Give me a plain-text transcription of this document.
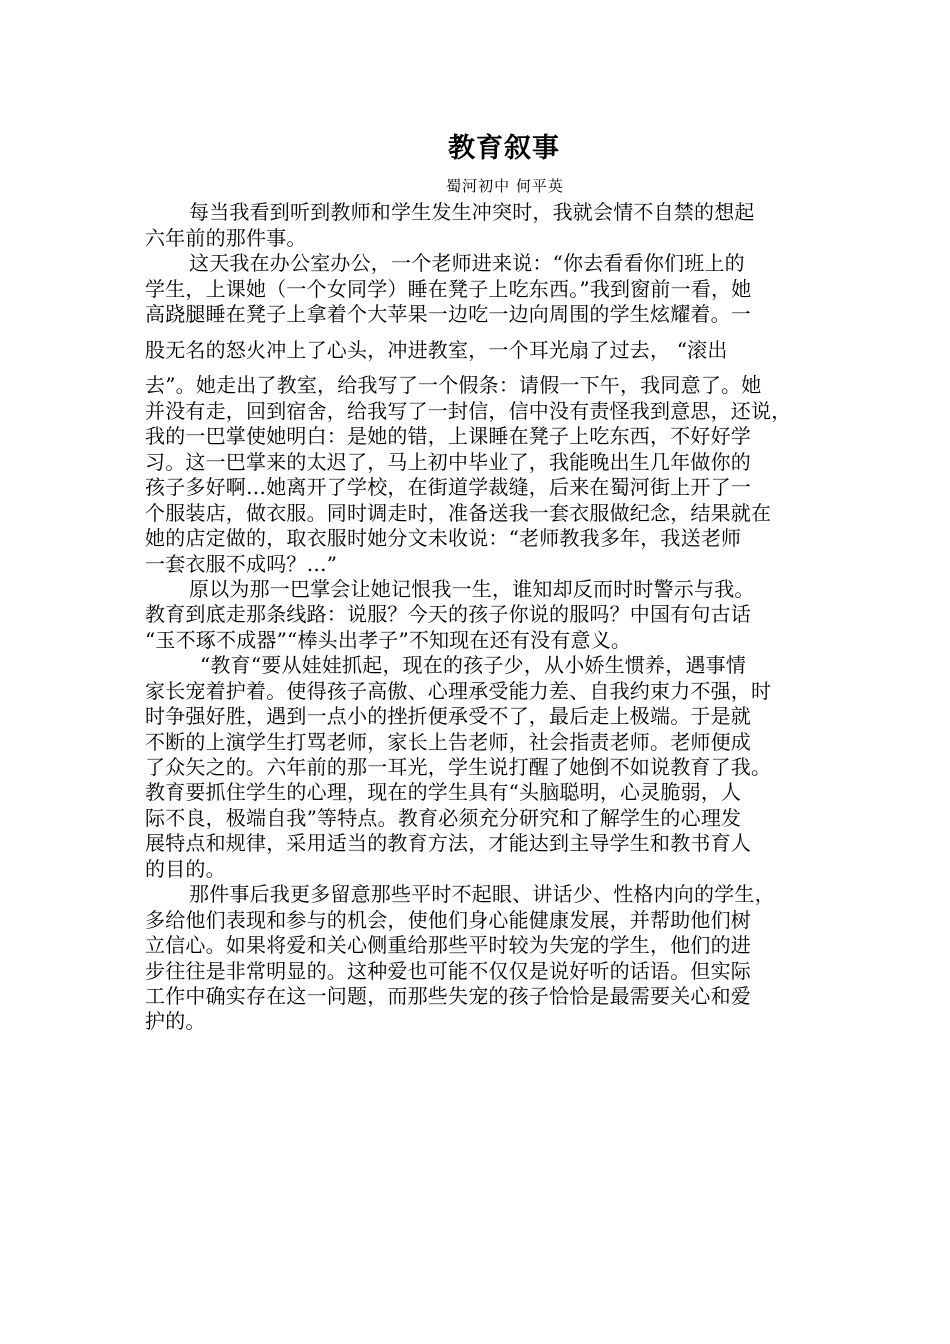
教育叙事
蜀河初中 何平英
每当我看到听到教师和学生发生冲突时，我就会情不自禁的想起
六年前的那件事。
这天我在办公室办公，一个老师进来说：“你去看看你们班上的
学生，上课她（一个女同学）睡在凳子上吃东西。”我到窗前一看，她
高跷腿睡在凳子上拿着个大苹果一边吃一边向周围的学生炫耀着。一
股无名的怒火冲上了心头，冲进教室，一个耳光扇了过去， “滚出
去”。她走出了教室，给我写了一个假条：请假一下午，我同意了。她
并没有走，回到宿舍，给我写了一封信，信中没有责怪我到意思，还说，
我的一巴掌使她明白：是她的错，上课睡在凳子上吃东西，不好好学
习。这一巴掌来的太迟了，马上初中毕业了，我能晚出生几年做你的
孩子多好啊…她离开了学校，在街道学裁缝，后来在蜀河街上开了一
个服装店，做衣服。同时调走时，准备送我一套衣服做纪念，结果就在
她的店定做的，取衣服时她分文未收说：“老师教我多年，我送老师
一套衣服不成吗？…”
原以为那一巴掌会让她记恨我一生，谁知却反而时时警示与我。
教育到底走那条线路：说服？今天的孩子你说的服吗？中国有句古话
“玉不琢不成器”“棒头出孝子”不知现在还有没有意义。
“教育“要从娃娃抓起，现在的孩子少，从小娇生惯养，遇事情
家长宠着护着。使得孩子高傲、心理承受能力差、自我约束力不强，时
时争强好胜，遇到一点小的挫折便承受不了，最后走上极端。于是就
不断的上演学生打骂老师，家长上告老师，社会指责老师。老师便成
了众矢之的。六年前的那一耳光，学生说打醒了她倒不如说教育了我。
教育要抓住学生的心理，现在的学生具有“头脑聪明，心灵脆弱，人
际不良，极端自我”等特点。教育必须充分研究和了解学生的心理发
展特点和规律，采用适当的教育方法，才能达到主导学生和教书育人
的目的。
那件事后我更多留意那些平时不起眼、讲话少、性格内向的学生，
多给他们表现和参与的机会，使他们身心能健康发展，并帮助他们树
立信心。如果将爱和关心侧重给那些平时较为失宠的学生，他们的进
步往往是非常明显的。这种爱也可能不仅仅是说好听的话语。但实际
工作中确实存在这一问题，而那些失宠的孩子恰恰是最需要关心和爱
护的。
